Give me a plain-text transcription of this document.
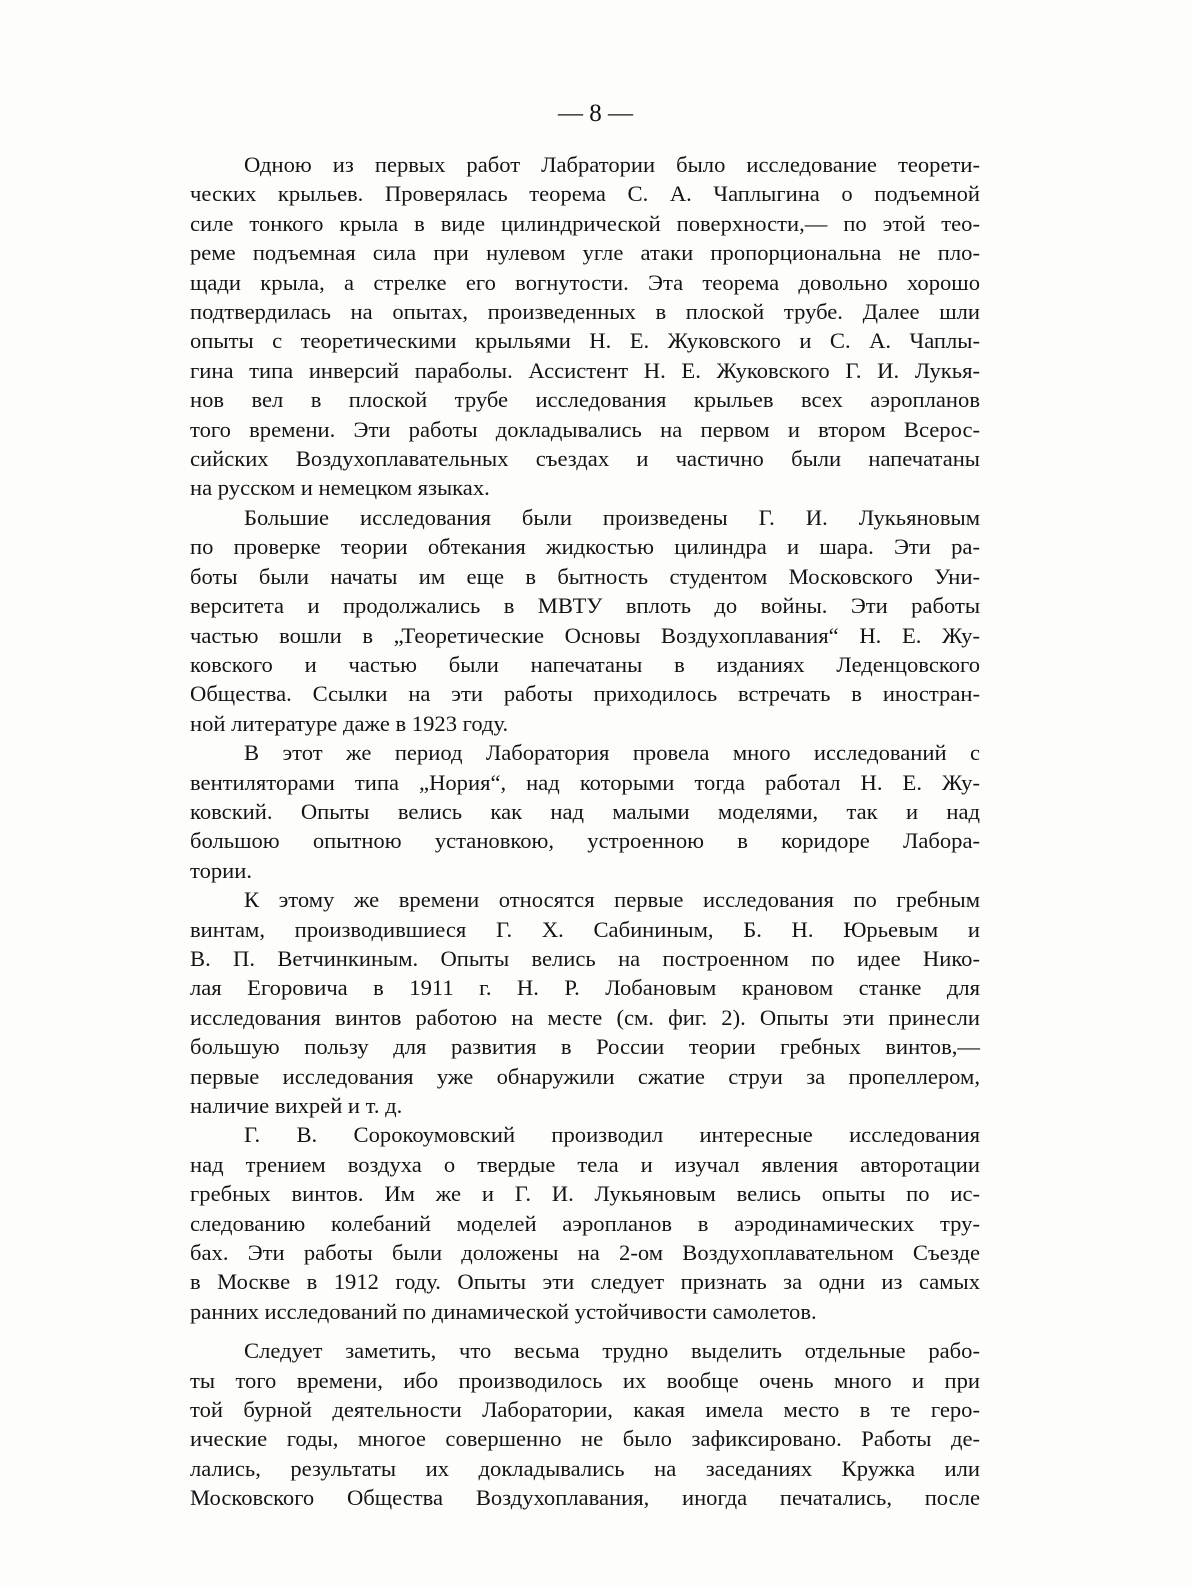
— 8 —
Одною из первых работ Лабратории было исследование теорети-
ческих крыльев. Проверялась теорема С. А. Чаплыгина о подъемной
силе тонкого крыла в виде цилиндрической поверхности,— по этой тео-
реме подъемная сила при нулевом угле атаки пропорциональна не пло-
щади крыла, а стрелке его вогнутости. Эта теорема довольно хорошо
подтвердилась на опытах, произведенных в плоской трубе. Далее шли
опыты с теоретическими крыльями Н. Е. Жуковского и С. А. Чаплы-
гина типа инверсий параболы. Ассистент Н. Е. Жуковского Г. И. Лукья-
нов вел в плоской трубе исследования крыльев всех аэропланов
того времени. Эти работы докладывались на первом и втором Всерос-
сийских Воздухоплавательных съездах и частично были напечатаны
на русском и немецком языках.
Большие исследования были произведены Г. И. Лукьяновым
по проверке теории обтекания жидкостью цилиндра и шара. Эти ра-
боты были начаты им еще в бытность студентом Московского Уни-
верситета и продолжались в МВТУ вплоть до войны. Эти работы
частью вошли в „Теоретические Основы Воздухоплавания“ Н. Е. Жу-
ковского и частью были напечатаны в изданиях Леденцовского
Общества. Ссылки на эти работы приходилось встречать в иностран-
ной литературе даже в 1923 году.
В этот же период Лаборатория провела много исследований с
вентиляторами типа „Нория“, над которыми тогда работал Н. Е. Жу-
ковский. Опыты велись как над малыми моделями, так и над
большою опытною установкою, устроенною в коридоре Лабора-
тории.
К этому же времени относятся первые исследования по гребным
винтам, производившиеся Г. Х. Сабининым, Б. Н. Юрьевым и
В. П. Ветчинкиным. Опыты велись на построенном по идее Нико-
лая Егоровича в 1911 г. Н. Р. Лобановым крановом станке для
исследования винтов работою на месте (см. фиг. 2). Опыты эти принесли
большую пользу для развития в России теории гребных винтов,—
первые исследования уже обнаружили сжатие струи за пропеллером,
наличие вихрей и т. д.
Г. В. Сорокоумовский производил интересные исследования
над трением воздуха о твердые тела и изучал явления авторотации
гребных винтов. Им же и Г. И. Лукьяновым велись опыты по ис-
следованию колебаний моделей аэропланов в аэродинамических тру-
бах. Эти работы были доложены на 2-ом Воздухоплавательном Съезде
в Москве в 1912 году. Опыты эти следует признать за одни из самых
ранних исследований по динамической устойчивости самолетов.
Следует заметить, что весьма трудно выделить отдельные рабо-
ты того времени, ибо производилось их вообще очень много и при
той бурной деятельности Лаборатории, какая имела место в те геро-
ические годы, многое совершенно не было зафиксировано. Работы де-
лались, результаты их докладывались на заседаниях Кружка или
Московского Общества Воздухоплавания, иногда печатались, после
